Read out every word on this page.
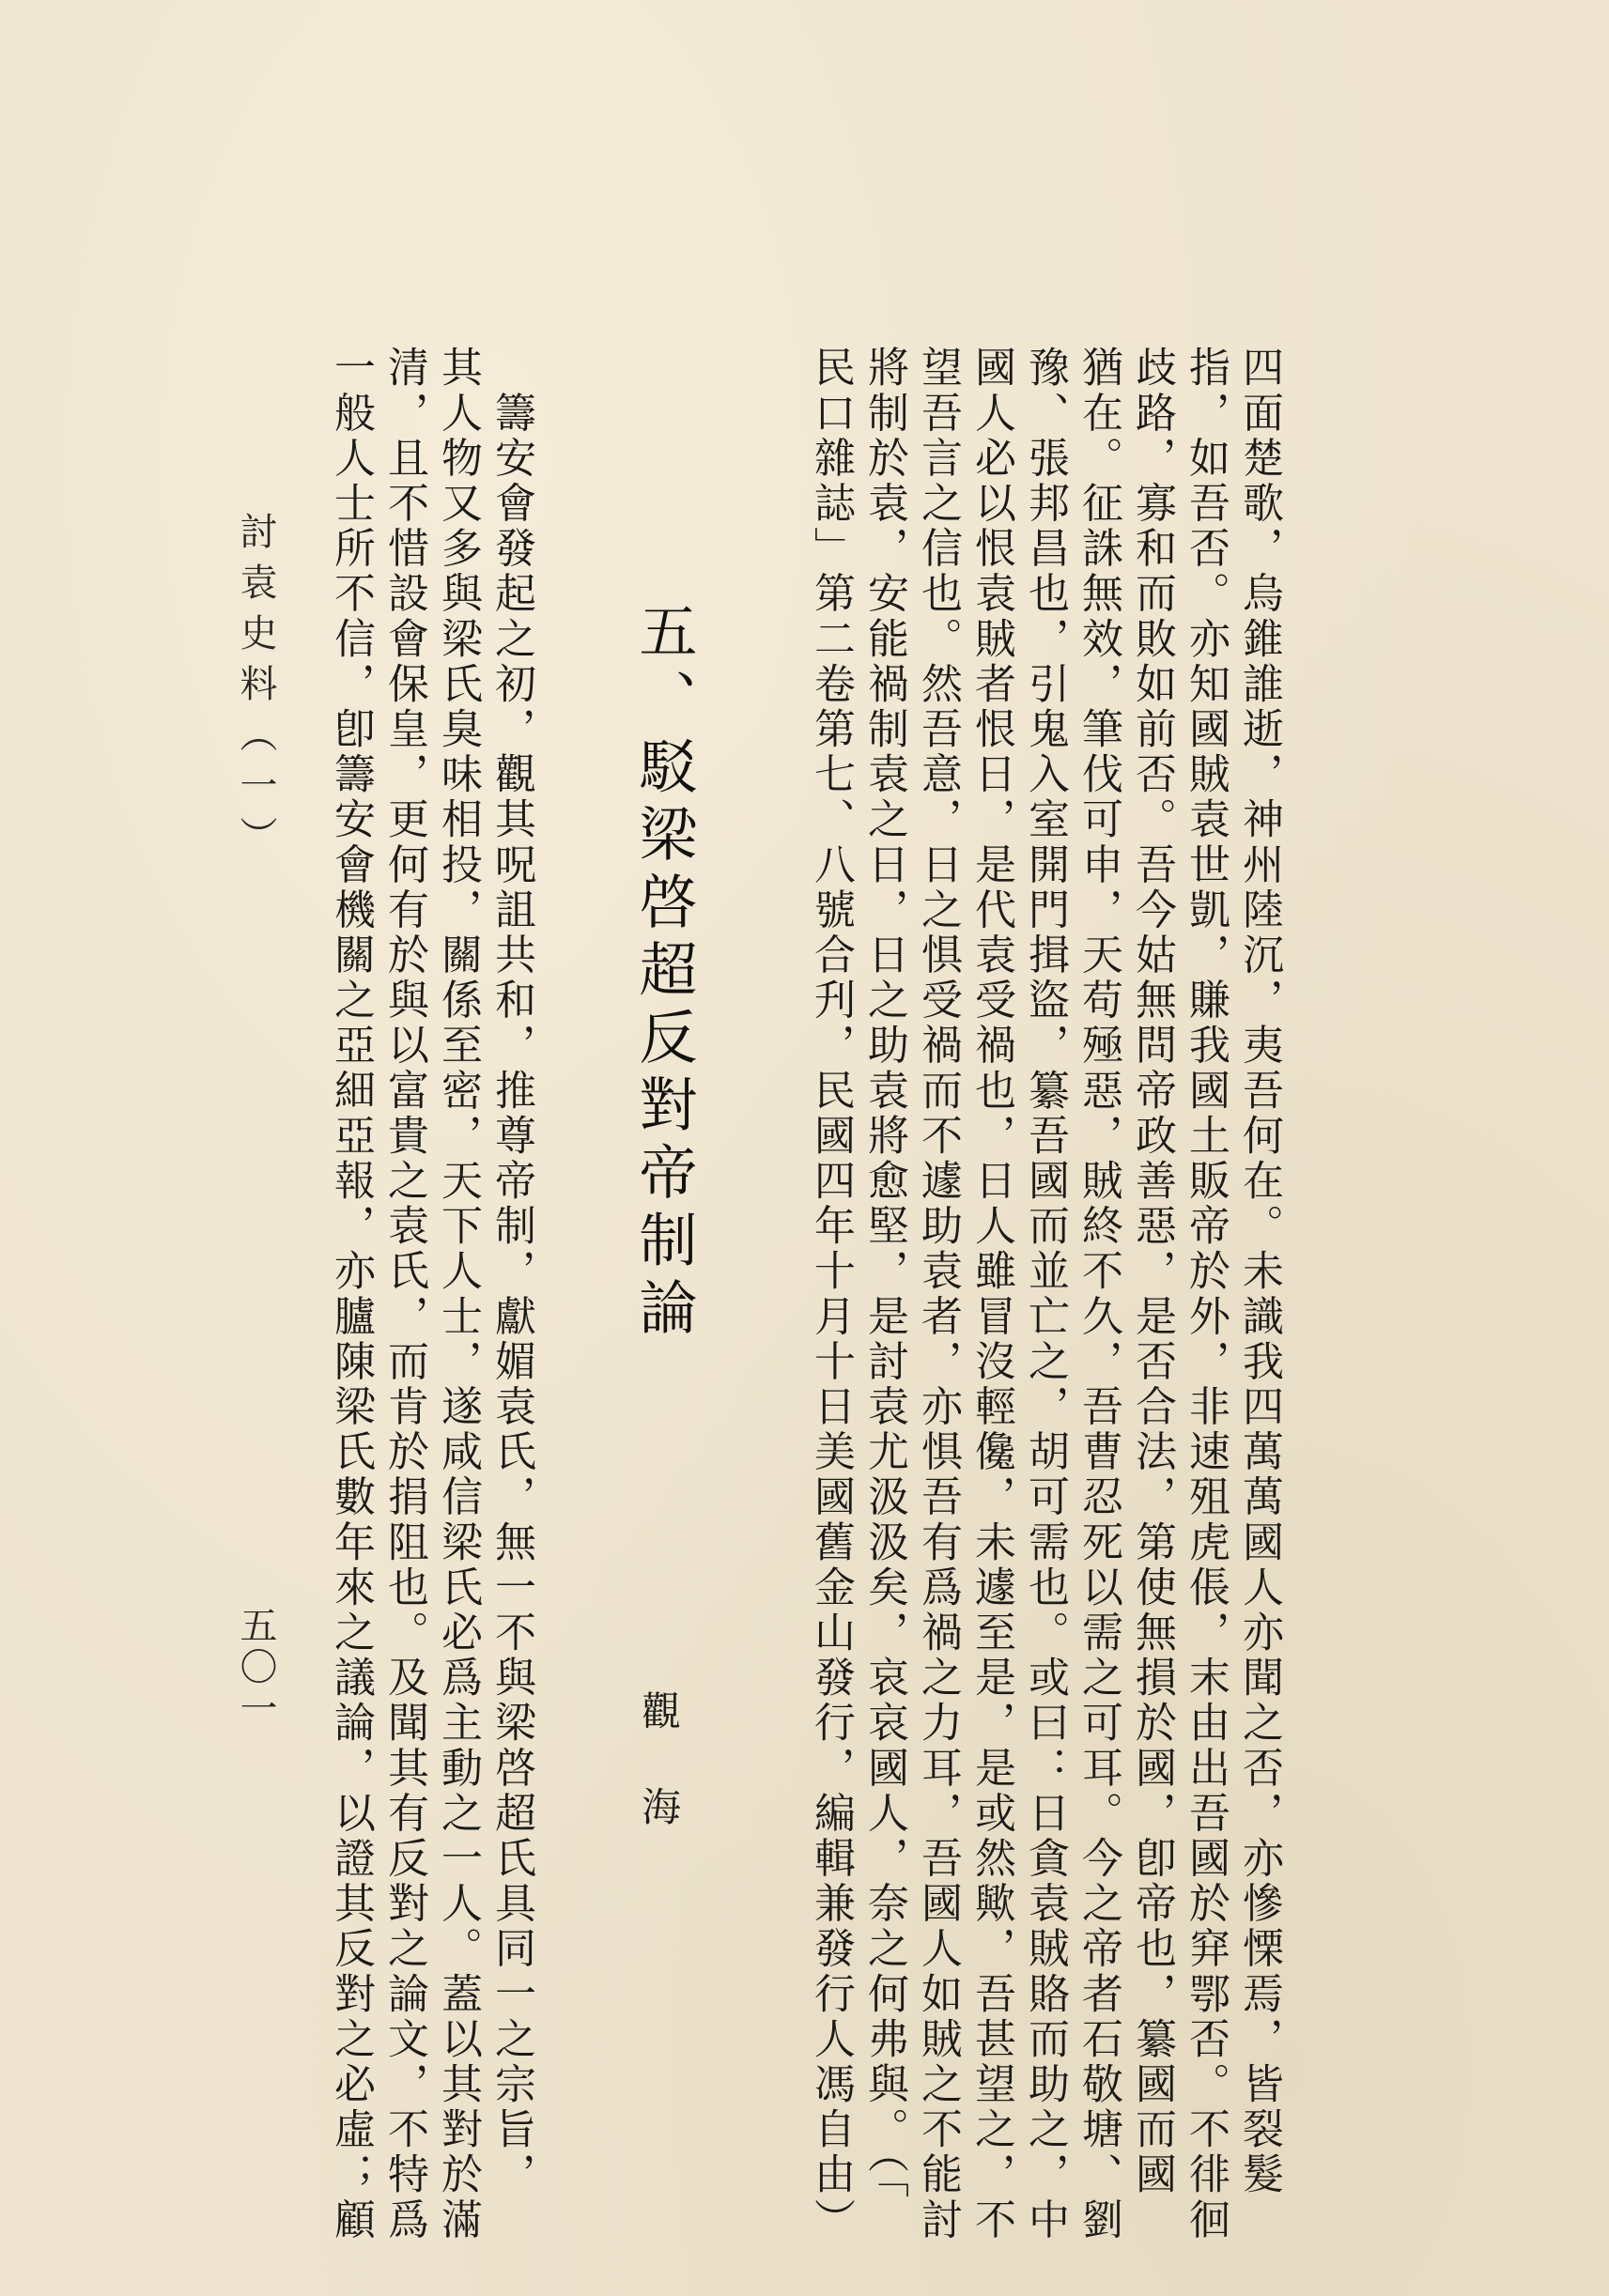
四面楚歌，烏錐誰逝，神州陸沉，夷吾何在。未識我四萬萬國人亦聞之否，亦慘慄焉，皆裂髮
指，如吾否。亦知國賊袁世凱，賺我國土販帝於外，非速殂虎倀，末由出吾國於穽鄂否。不徘徊
歧路，寡和而敗如前否。吾今姑無問帝政善惡，是否合法，第使無損於國，卽帝也，纂國而國
猶在。征誅無效，筆伐可申，天苟殛惡，賊終不久，吾曹忍死以需之可耳。今之帝者石敬塘、劉
豫、張邦昌也，引鬼入室開門揖盜，纂吾國而並亡之，胡可需也。或曰：日貪袁賊賂而助之，中
國人必以恨袁賊者恨日，是代袁受禍也，日人雖冒沒輕儳，未遽至是，是或然歟，吾甚望之，不
望吾言之信也。然吾意，日之惧受禍而不遽助袁者，亦惧吾有爲禍之力耳，吾國人如賊之不能討
將制於袁，安能禍制袁之日，日之助袁將愈堅，是討袁尤汲汲矣，哀哀國人，奈之何弗與。（「
民口雜誌」第二卷第七、八號合刋，民國四年十月十日美國舊金山發行，編輯兼發行人馮自由）
五、駁梁啓超反對帝制論
觀海
　籌安會發起之初，觀其呪詛共和，推尊帝制，獻媚袁氏，無一不與梁啓超氏具同一之宗旨，
其人物又多與梁氏臭味相投，關係至密，天下人士，遂咸信梁氏必爲主動之一人。蓋以其對於滿
清，且不惜設會保皇，更何有於與以富貴之袁氏，而肯於捐阻也。及聞其有反對之論文，不特爲
一般人士所不信，卽籌安會機關之亞細亞報，亦臚陳梁氏數年來之議論，以證其反對之必虛；顧
討袁史料（一）
五〇一
